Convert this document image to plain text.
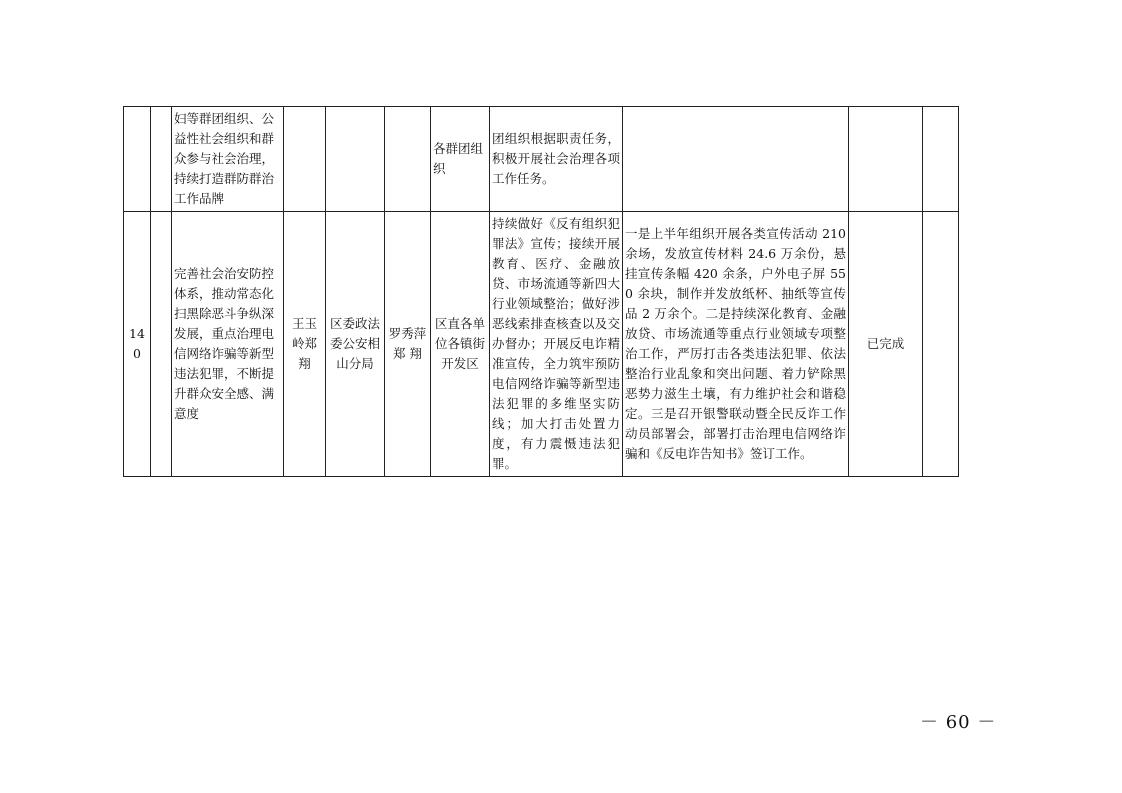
		妇等群团组织、公益性社会组织和群众参与社会治理，持续打造群防群治工作品牌				各群团组织	团组织根据职责任务，积极开展社会治理各项工作任务。			
140		完善社会治安防控体系，推动常态化扫黑除恶斗争纵深发展，重点治理电信网络诈骗等新型违法犯罪，不断提升群众安全感、满意度	王玉岭郑翔	区委政法委公安相山分局	罗秀萍郑 翔	区直各单位各镇街开发区	持续做好《反有组织犯罪法》宣传；接续开展教育、医疗、金融放贷、市场流通等新四大行业领域整治；做好涉恶线索排查核查以及交办督办；开展反电诈精准宣传，全力筑牢预防电信网络诈骗等新型违法犯罪的多维坚实防线；加大打击处置力度，有力震慑违法犯罪。	一是上半年组织开展各类宣传活动 210 余场，发放宣传材料 24.6 万余份，悬挂宣传条幅 420 余条，户外电子屏 550 余块，制作并发放纸杯、抽纸等宣传品 2 万余个。二是持续深化教育、金融放贷、市场流通等重点行业领域专项整治工作，严厉打击各类违法犯罪、依法整治行业乱象和突出问题、着力铲除黑恶势力滋生土壤，有力维护社会和谐稳定。三是召开银警联动暨全民反诈工作动员部署会，部署打击治理电信网络诈骗和《反电诈告知书》签订工作。	已完成	
－ 60 －
